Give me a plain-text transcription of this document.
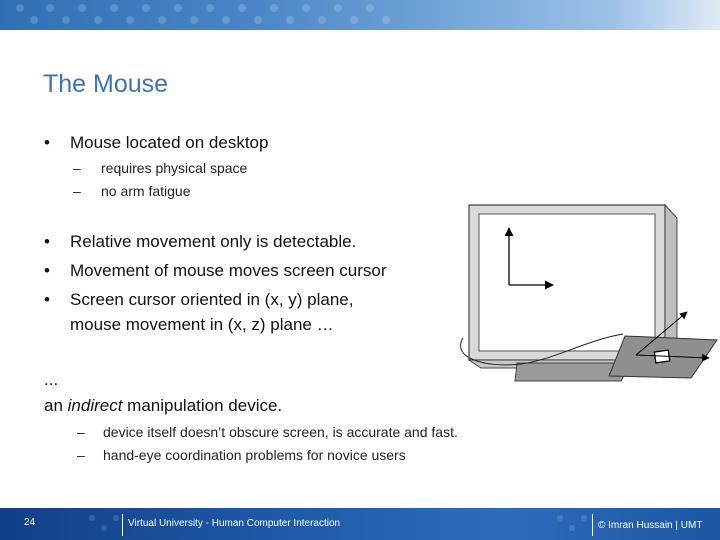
The Mouse
• Mouse located on desktop
– requires physical space
– no arm fatigue
• Relative movement only is detectable.
• Movement of mouse moves screen cursor
• Screen cursor oriented in (x, y) plane,
mouse movement in (x, z) plane …
...
an indirect manipulation device.
– device itself doesn’t obscure screen, is accurate and fast.
– hand-eye coordination problems for novice users
24	Virtual University - Human Computer Interaction	© Imran Hussain | UMT
